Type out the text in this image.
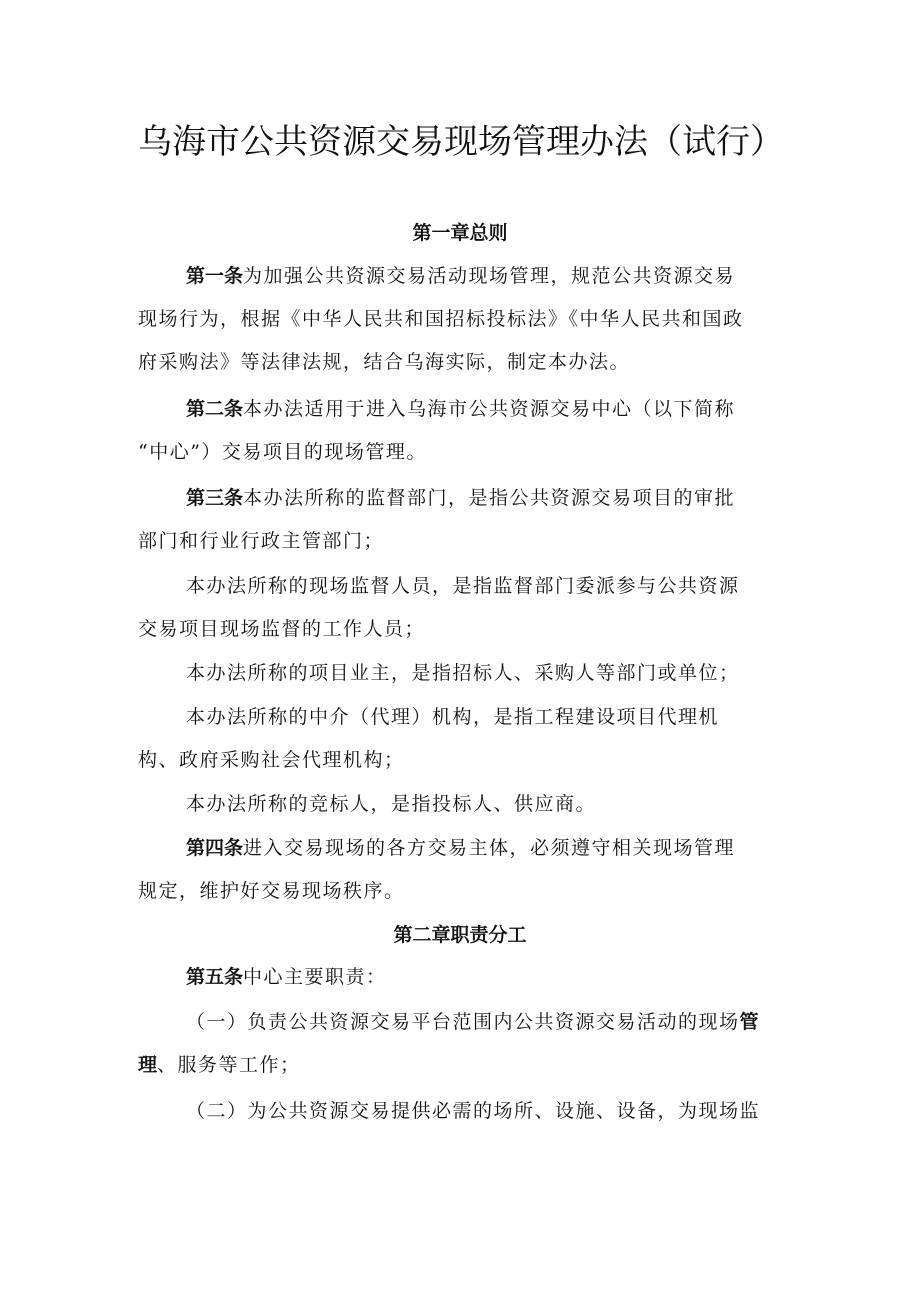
乌海市公共资源交易现场管理办法（试行）
第一章总则
第一条为加强公共资源交易活动现场管理，规范公共资源交易
现场行为，根据《中华人民共和国招标投标法》《中华人民共和国政
府采购法》等法律法规，结合乌海实际，制定本办法。
第二条本办法适用于进入乌海市公共资源交易中心（以下简称
“中心”）交易项目的现场管理。
第三条本办法所称的监督部门，是指公共资源交易项目的审批
部门和行业行政主管部门；
本办法所称的现场监督人员，是指监督部门委派参与公共资源
交易项目现场监督的工作人员；
本办法所称的项目业主，是指招标人、采购人等部门或单位；
本办法所称的中介（代理）机构，是指工程建设项目代理机
构、政府采购社会代理机构；
本办法所称的竞标人，是指投标人、供应商。
第四条进入交易现场的各方交易主体，必须遵守相关现场管理
规定，维护好交易现场秩序。
第二章职责分工
第五条中心主要职责：
（一）负责公共资源交易平台范围内公共资源交易活动的现场管
理、服务等工作；
（二）为公共资源交易提供必需的场所、设施、设备，为现场监
